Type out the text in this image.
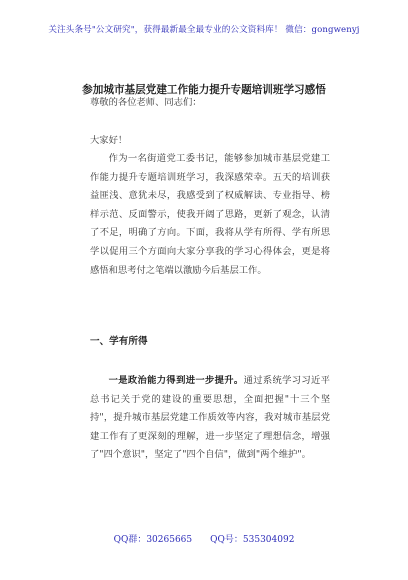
关注头条号"公文研究"，获得最新最全最专业的公文资料库！ 微信：gongwenyj
参加城市基层党建工作能力提升专题培训班学习感悟
尊敬的各位老师、同志们：
大家好！

作为一名街道党工委书记，能够参加城市基层党建工作能力提升专题培训班学习，我深感荣幸。五天的培训获益匪浅、意犹未尽，我感受到了权威解读、专业指导、榜样示范、反面警示，使我开阔了思路，更新了观念，认清了不足，明确了方向。下面，我将从学有所得、学有所思学以促用三个方面向大家分享我的学习心得体会，更是将感悟和思考付之笔端以激励今后基层工作。

一、学有所得

一是政治能力得到进一步提升。通过系统学习习近平总书记关于党的建设的重要思想，全面把握"十三个坚持"，提升城市基层党建工作质效等内容，我对城市基层党建工作有了更深刻的理解，进一步坚定了理想信念，增强了"四个意识"，坚定了"四个自信"，做到"两个维护"。

QQ群：30265665 QQ号：535304092
